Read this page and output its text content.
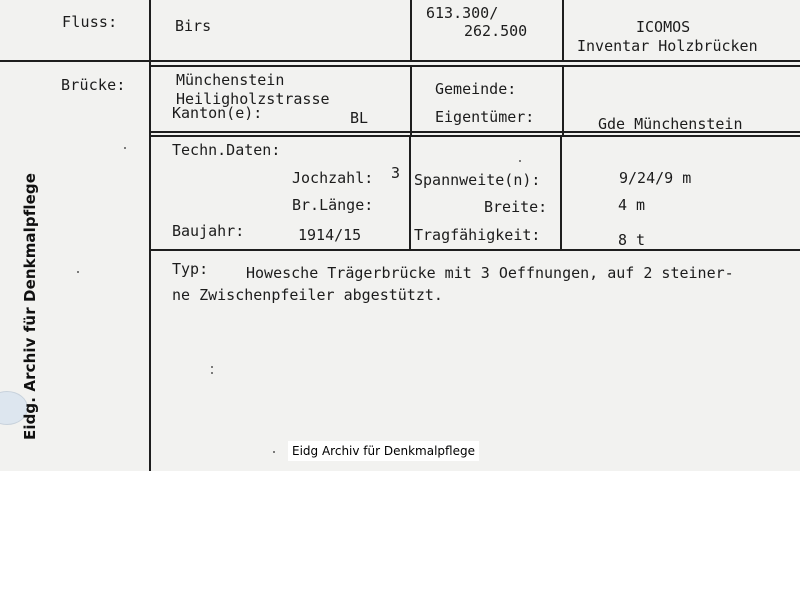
Fluss:	Birs
613.300/
262.500	ICOMOS
Inventar Holzbrücken
Brücke:	Münchenstein
Heiligholzstrasse
Kanton(e):	BL
Gemeinde:
Eigentümer:	Gde Münchenstein
Techn.Daten:
Jochzahl: 3 Spannweite(n):	9/24/9 m
Br.Länge:	Breite:	4 m
Baujahr:	1914/15	Tragfähigkeit:	8 t
Typ:	Howesche Trägerbrücke mit 3 Oeffnungen, auf 2 steiner-
ne Zwischenpfeiler abgestützt.
Eidg. Archiv für Denkmalpflege
Eidg Archiv für Denkmalpflege
